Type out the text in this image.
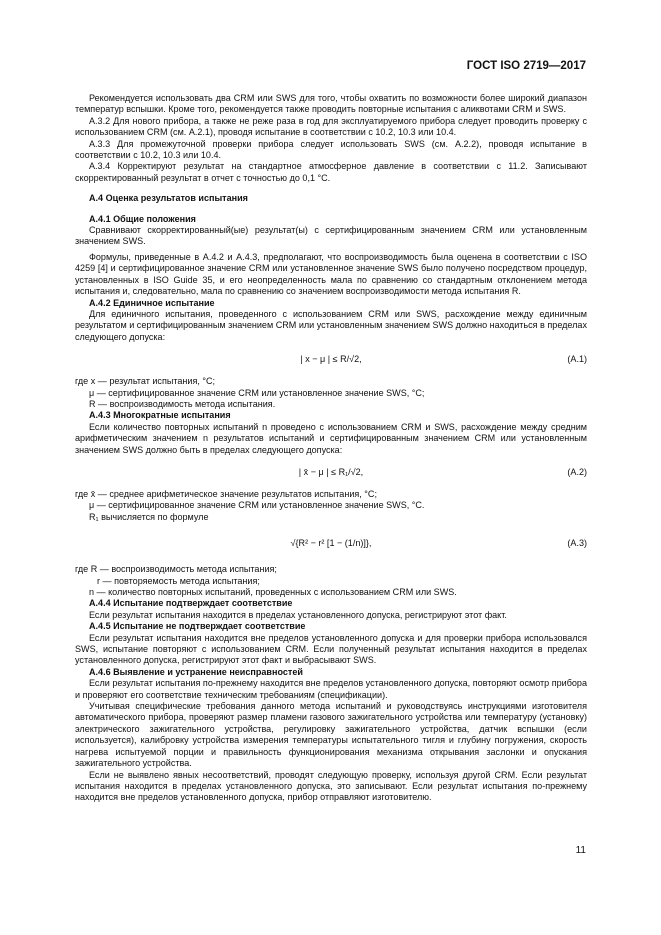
ГОСТ ISO 2719—2017

Рекомендуется использовать два CRM или SWS для того, чтобы охватить по возможности более широкий диапазон температур вспышки. Кроме того, рекомендуется также проводить повторные испытания с аликвотами CRM и SWS.

А.3.2 Для нового прибора, а также не реже раза в год для эксплуатируемого прибора следует проводить проверку с использованием CRM (см. А.2.1), проводя испытание в соответствии с 10.2, 10.3 или 10.4.

А.3.3 Для промежуточной проверки прибора следует использовать SWS (см. А.2.2), проводя испытание в соответствии с 10.2, 10.3 или 10.4.

А.3.4 Корректируют результат на стандартное атмосферное давление в соответствии с 11.2. Записывают скорректированный результат в отчет с точностью до 0,1 °С.

А.4 Оценка результатов испытания

А.4.1 Общие положения

Сравнивают скорректированный(ые) результат(ы) с сертифицированным значением CRM или установленным значением SWS.

Формулы, приведенные в А.4.2 и А.4.3, предполагают, что воспроизводимость была оценена в соответствии с ISO 4259 [4] и сертифицированное значение CRM или установленное значение SWS было получено посредством процедур, установленных в ISO Guide 35, и его неопределенность мала по сравнению со стандартным отклонением метода испытания и, следовательно, мала по сравнению со значением воспроизводимости метода испытания R.

А.4.2 Единичное испытание

Для единичного испытания, проведенного с использованием CRM или SWS, расхождение между единичным результатом и сертифицированным значением CRM или установленным значением SWS должно находиться в пределах следующего допуска:

| x − μ | ≤ R/√2,	(А.1)

где x — результат испытания, °С;

μ — сертифицированное значение CRM или установленное значение SWS, °С;

R — воспроизводимость метода испытания.

А.4.3 Многократные испытания

Если количество повторных испытаний n проведено с использованием CRM и SWS, расхождение между средним арифметическим значением n результатов испытаний и сертифицированным значением CRM или установленным значением SWS должно быть в пределах следующего допуска:

| x̄ − μ | ≤ R₁/√2,	(А.2)

где x̄ — среднее арифметическое значение результатов испытания, °С;

μ — сертифицированное значение CRM или установленное значение SWS, °С.

R₁ вычисляется по формуле

√{R² − r² [1 − (1/n)]},	(А.3)

где R — воспроизводимость метода испытания;

r — повторяемость метода испытания;

n — количество повторных испытаний, проведенных с использованием CRM или SWS.

А.4.4 Испытание подтверждает соответствие

Если результат испытания находится в пределах установленного допуска, регистрируют этот факт.

А.4.5 Испытание не подтверждает соответствие

Если результат испытания находится вне пределов установленного допуска и для проверки прибора использовался SWS, испытание повторяют с использованием CRM. Если полученный результат испытания находится в пределах установленного допуска, регистрируют этот факт и выбрасывают SWS.

А.4.6 Выявление и устранение неисправностей

Если результат испытания по-прежнему находится вне пределов установленного допуска, повторяют осмотр прибора и проверяют его соответствие техническим требованиям (спецификации).

Учитывая специфические требования данного метода испытаний и руководствуясь инструкциями изготовителя автоматического прибора, проверяют размер пламени газового зажигательного устройства или температуру (установку) электрического зажигательного устройства, регулировку зажигательного устройства, датчик вспышки (если используется), калибровку устройства измерения температуры испытательного тигля и глубину погружения, скорость нагрева испытуемой порции и правильность функционирования механизма открывания заслонки и опускания зажигательного устройства.

Если не выявлено явных несоответствий, проводят следующую проверку, используя другой CRM. Если результат испытания находится в пределах установленного допуска, это записывают. Если результат испытания по-прежнему находится вне пределов установленного допуска, прибор отправляют изготовителю.

11
